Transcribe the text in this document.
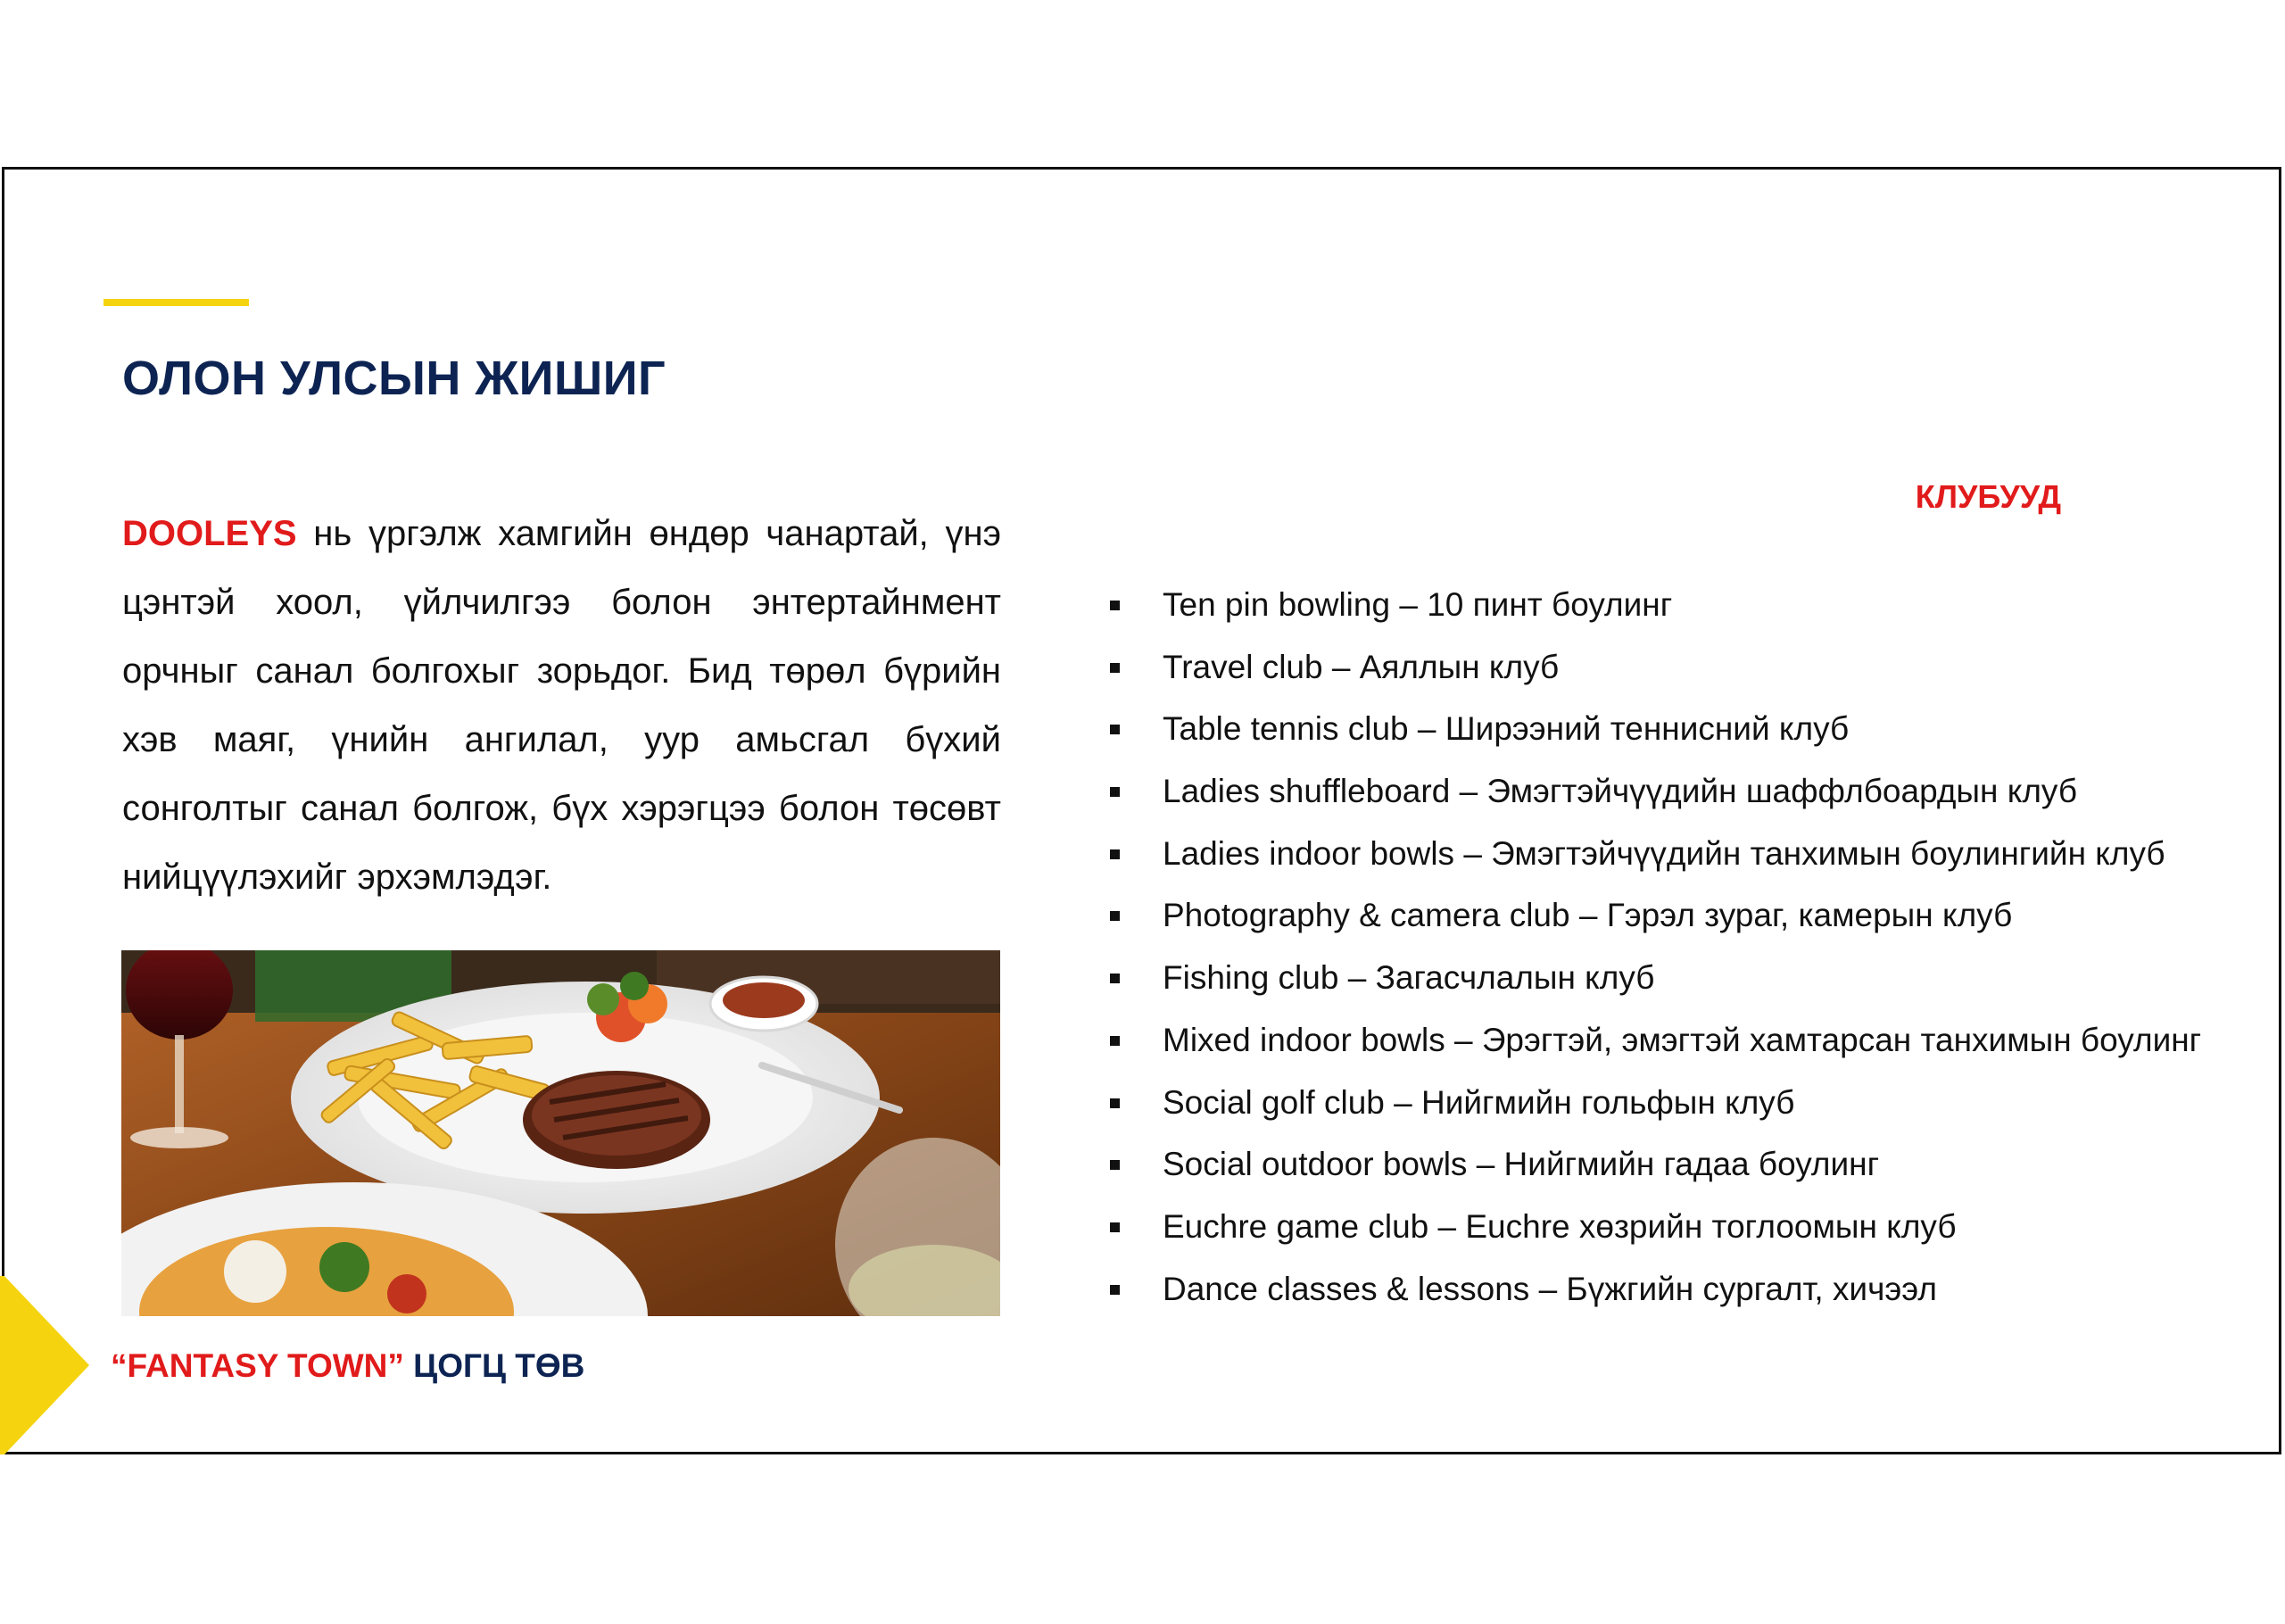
ОЛОН УЛСЫН ЖИШИГ

DOOLEYS нь үргэлж хамгийн өндөр чанартай, үнэ цэнтэй хоол, үйлчилгээ болон энтертайнмент орчныг санал болгохыг зорьдог. Бид төрөл бүрийн хэв маяг, үнийн ангилал, уур амьсгал бүхий сонголтыг санал болгож, бүх хэрэгцээ болон төсөвт нийцүүлэхийг эрхэмлэдэг.

КЛУБУУД
Ten pin bowling – 10 пинт боулинг
Travel club – Аяллын клуб
Table tennis club – Ширээний теннисний клуб
Ladies shuffleboard – Эмэгтэйчүүдийн шаффлбоардын клуб
Ladies indoor bowls – Эмэгтэйчүүдийн танхимын боулингийн клуб
Photography & camera club – Гэрэл зураг, камерын клуб
Fishing club – Загасчлалын клуб
Mixed indoor bowls – Эрэгтэй, эмэгтэй хамтарсан танхимын боулинг
Social golf club – Нийгмийн гольфын клуб
Social outdoor bowls – Нийгмийн гадаа боулинг
Euchre game club – Euchre хөзрийн тоглоомын клуб
Dance classes & lessons – Бүжгийн сургалт, хичээл
“FANTASY TOWN” ЦОГЦ ТӨВ
